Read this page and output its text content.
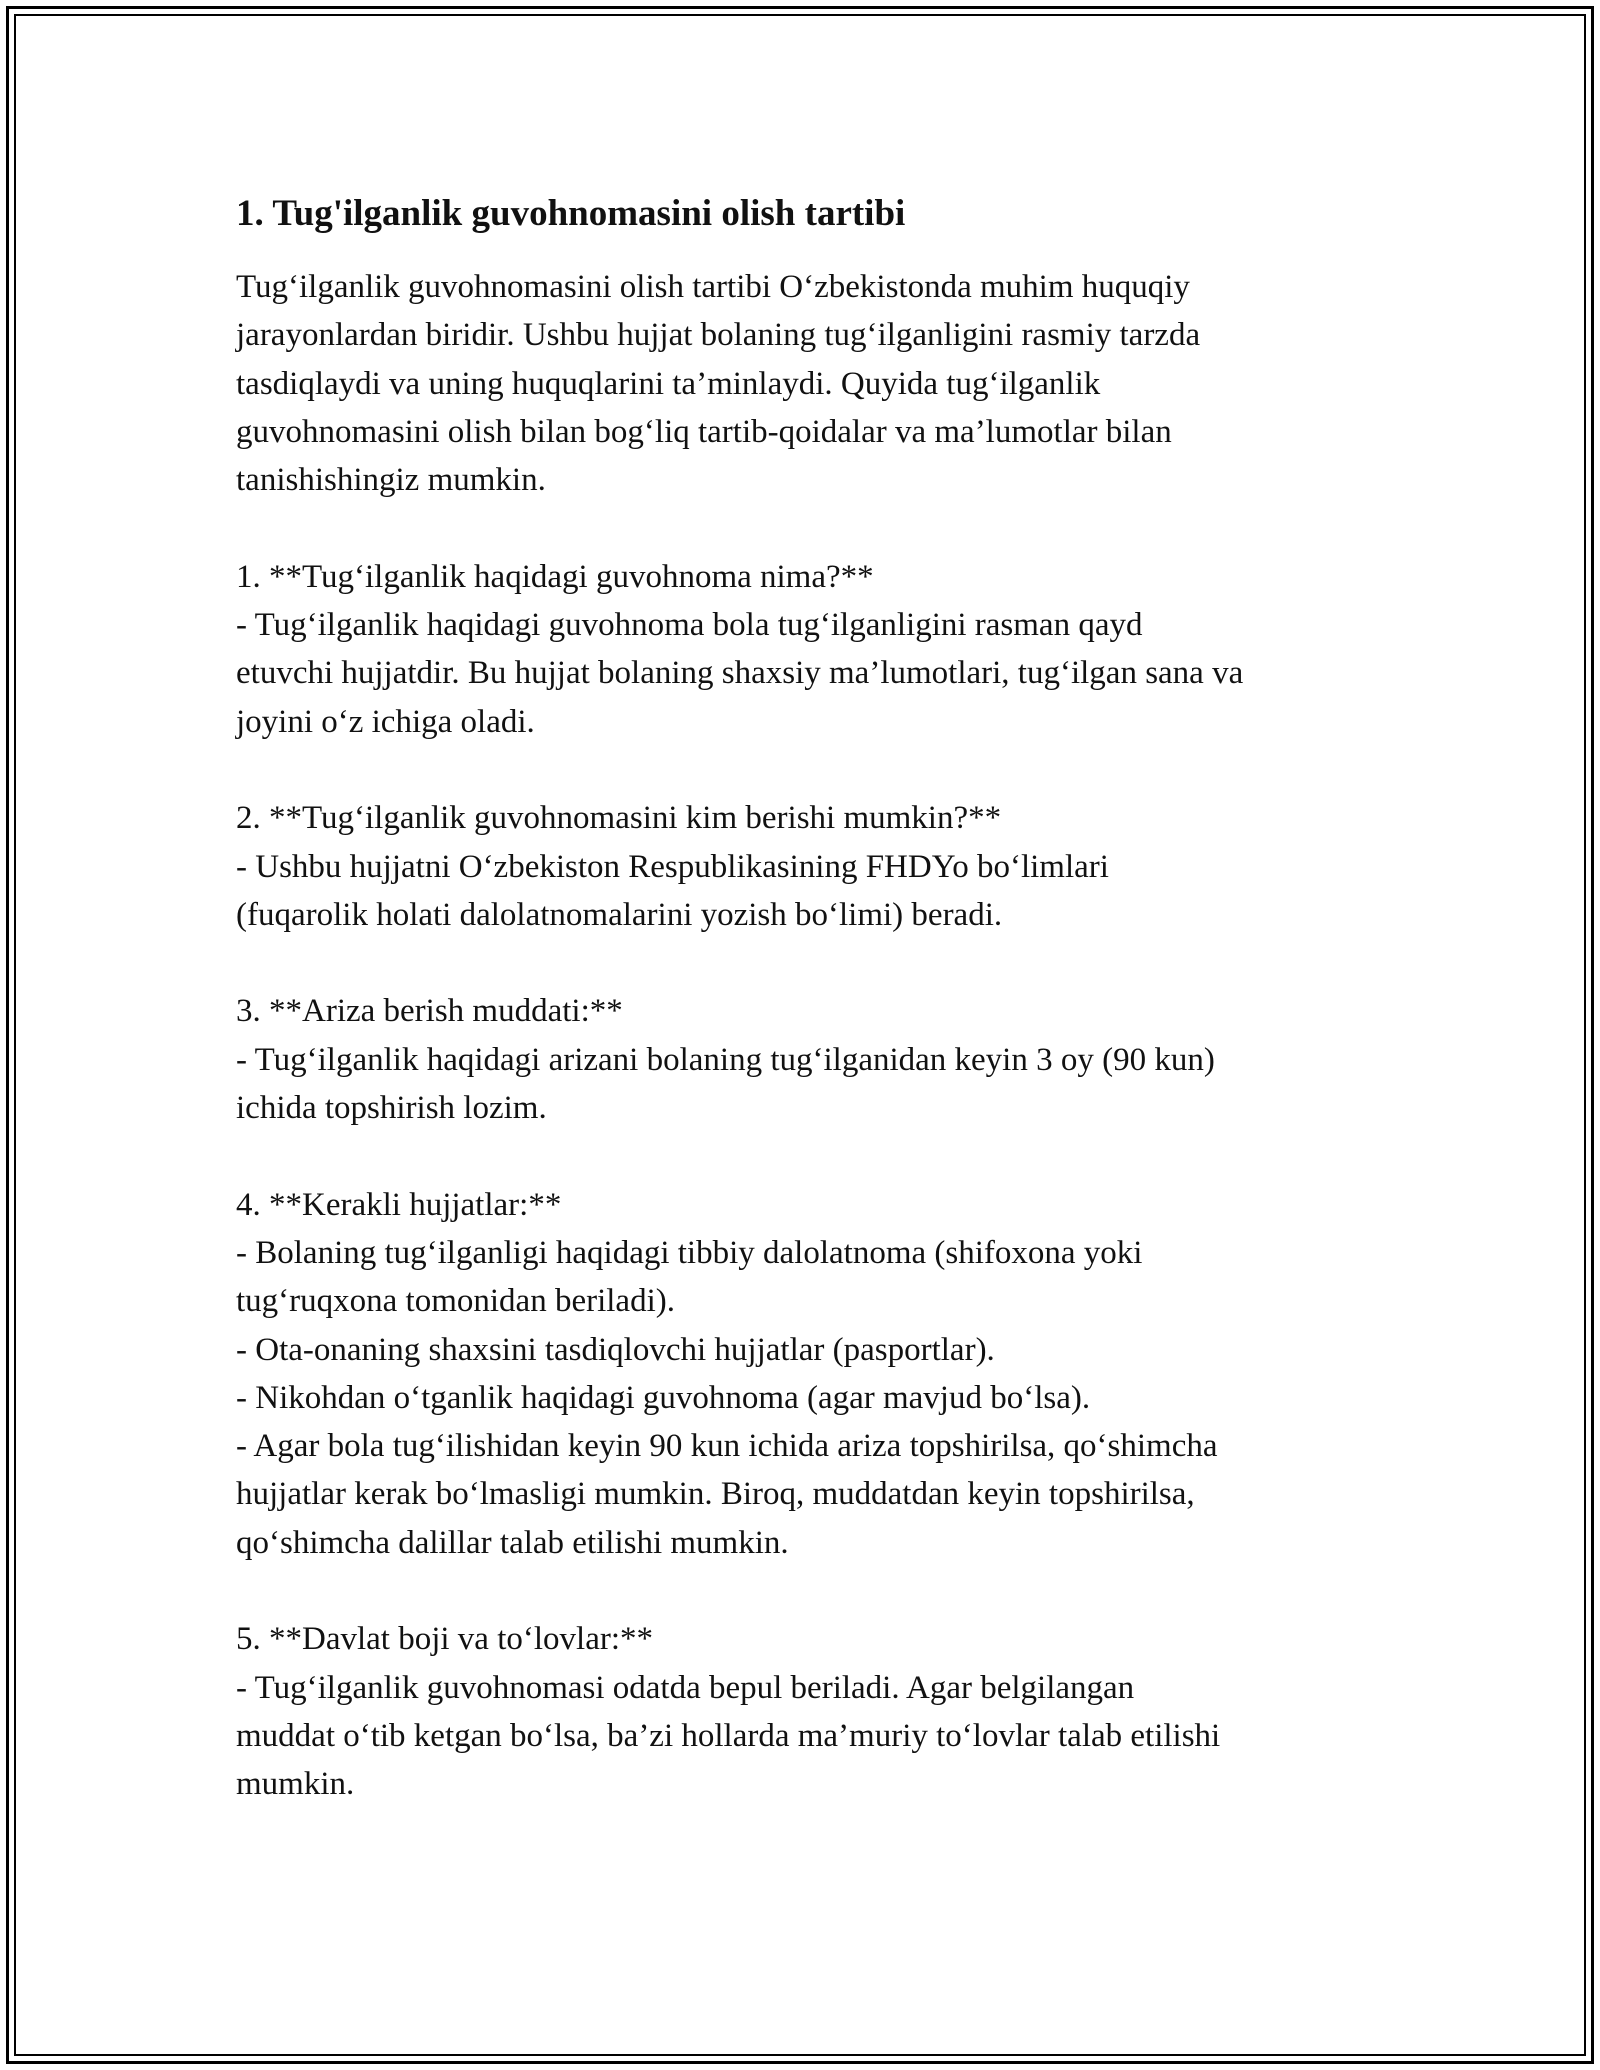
1. Tug'ilganlik guvohnomasini olish tartibi

Tug‘ilganlik guvohnomasini olish tartibi O‘zbekistonda muhim huquqiy
jarayonlardan biridir. Ushbu hujjat bolaning tug‘ilganligini rasmiy tarzda
tasdiqlaydi va uning huquqlarini ta’minlaydi. Quyida tug‘ilganlik
guvohnomasini olish bilan bog‘liq tartib-qoidalar va ma’lumotlar bilan
tanishishingiz mumkin.

1. **Tug‘ilganlik haqidagi guvohnoma nima?**

- Tug‘ilganlik haqidagi guvohnoma bola tug‘ilganligini rasman qayd
etuvchi hujjatdir. Bu hujjat bolaning shaxsiy ma’lumotlari, tug‘ilgan sana va
joyini o‘z ichiga oladi.

2. **Tug‘ilganlik guvohnomasini kim berishi mumkin?**

- Ushbu hujjatni O‘zbekiston Respublikasining FHDYo bo‘limlari
(fuqarolik holati dalolatnomalarini yozish bo‘limi) beradi.

3. **Ariza berish muddati:**

- Tug‘ilganlik haqidagi arizani bolaning tug‘ilganidan keyin 3 oy (90 kun)
ichida topshirish lozim.

4. **Kerakli hujjatlar:**

- Bolaning tug‘ilganligi haqidagi tibbiy dalolatnoma (shifoxona yoki
tug‘ruqxona tomonidan beriladi).
- Ota-onaning shaxsini tasdiqlovchi hujjatlar (pasportlar).
- Nikohdan o‘tganlik haqidagi guvohnoma (agar mavjud bo‘lsa).
- Agar bola tug‘ilishidan keyin 90 kun ichida ariza topshirilsa, qo‘shimcha
hujjatlar kerak bo‘lmasligi mumkin. Biroq, muddatdan keyin topshirilsa,
qo‘shimcha dalillar talab etilishi mumkin.

5. **Davlat boji va to‘lovlar:**

- Tug‘ilganlik guvohnomasi odatda bepul beriladi. Agar belgilangan
muddat o‘tib ketgan bo‘lsa, ba’zi hollarda ma’muriy to‘lovlar talab etilishi
mumkin.
